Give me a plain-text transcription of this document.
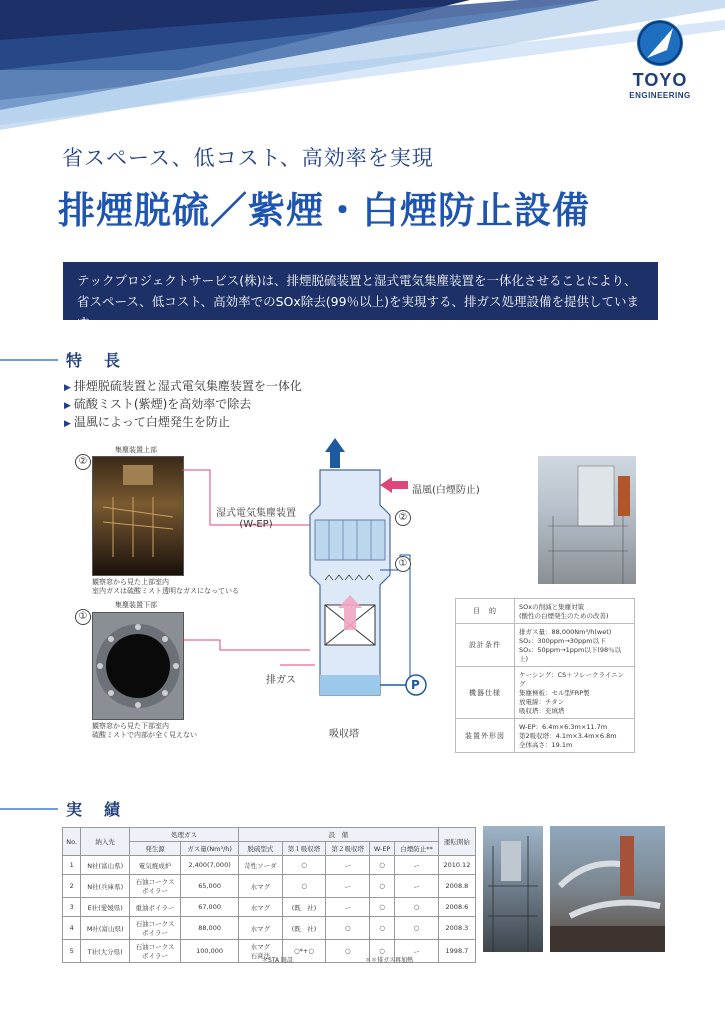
TOYO
ENGINEERING
省スペース、低コスト、高効率を実現
排煙脱硫／紫煙・白煙防止設備
テックプロジェクトサービス(株)は、排煙脱硫装置と湿式電気集塵装置を一体化させることにより、
省スペース、低コスト、高効率でのSOx除去(99％以上)を実現する、排ガス処理設備を提供しています。
特長
▶ 排煙脱硫装置と湿式電気集塵装置を一体化
▶ 硫酸ミスト(紫煙)を高効率で除去
▶ 温風によって白煙発生を防止
集塵装置上部
②
観察窓から見た上部室内
室内ガスは硫酸ミスト透明なガスになっている
集塵装置下部
①
観察窓から見た下部室内
硫酸ミストで内部が全く見えない
②
①
P
温風(白煙防止)
湿式電気集塵装置
(W-EP)
排ガス
吸収塔
目　的	SOxの削減と集塵対策
(酸性の白煙発生のための改善)
設計条件	排ガス量：88,000Nm³/h(wet)
SO₂：300ppm→30ppm以下
SO₃：50ppm→1ppm以下(98％以上)
機器仕様	ケーシング：CS＋フレークライニング
集塵極板：セル型FRP製
放電線：チタン
吸収塔：充填塔
装置外形図	W-EP：6.4m×6.3m×11.7m
第2吸収塔：4.1m×3.4m×6.8m
全体高さ：19.1m
実績
No.	納入先	処理ガス		設　備					運転開始
		発生源	ガス量(Nm³/h)	脱硫型式	第１吸収塔	第２吸収塔	W-EP	白煙防止**	
1	N社(富山県)	電気焼成炉	2,400(7,000)	苛性ソーダ	○	ー	○	ー	2010.12
2	N社(兵庫県)	石油コークス
ボイラー	65,000	水マグ	○	ー	○	ー	2008.8
3	E社(愛媛県)	重油ボイラー	67,000	水マグ	(既　社)	ー	○	○	2008.6
4	M社(富山県)	石油コークス
ボイラー	88,000	水マグ	(既　社)	○	○	○	2008.3
5	T社(大分県)	石油コークス
ボイラー	100,000	水マグ
石膏法	○*+○	○	○	ー	1998.7
＊STA 既設	＊＊排ガス再加熱
